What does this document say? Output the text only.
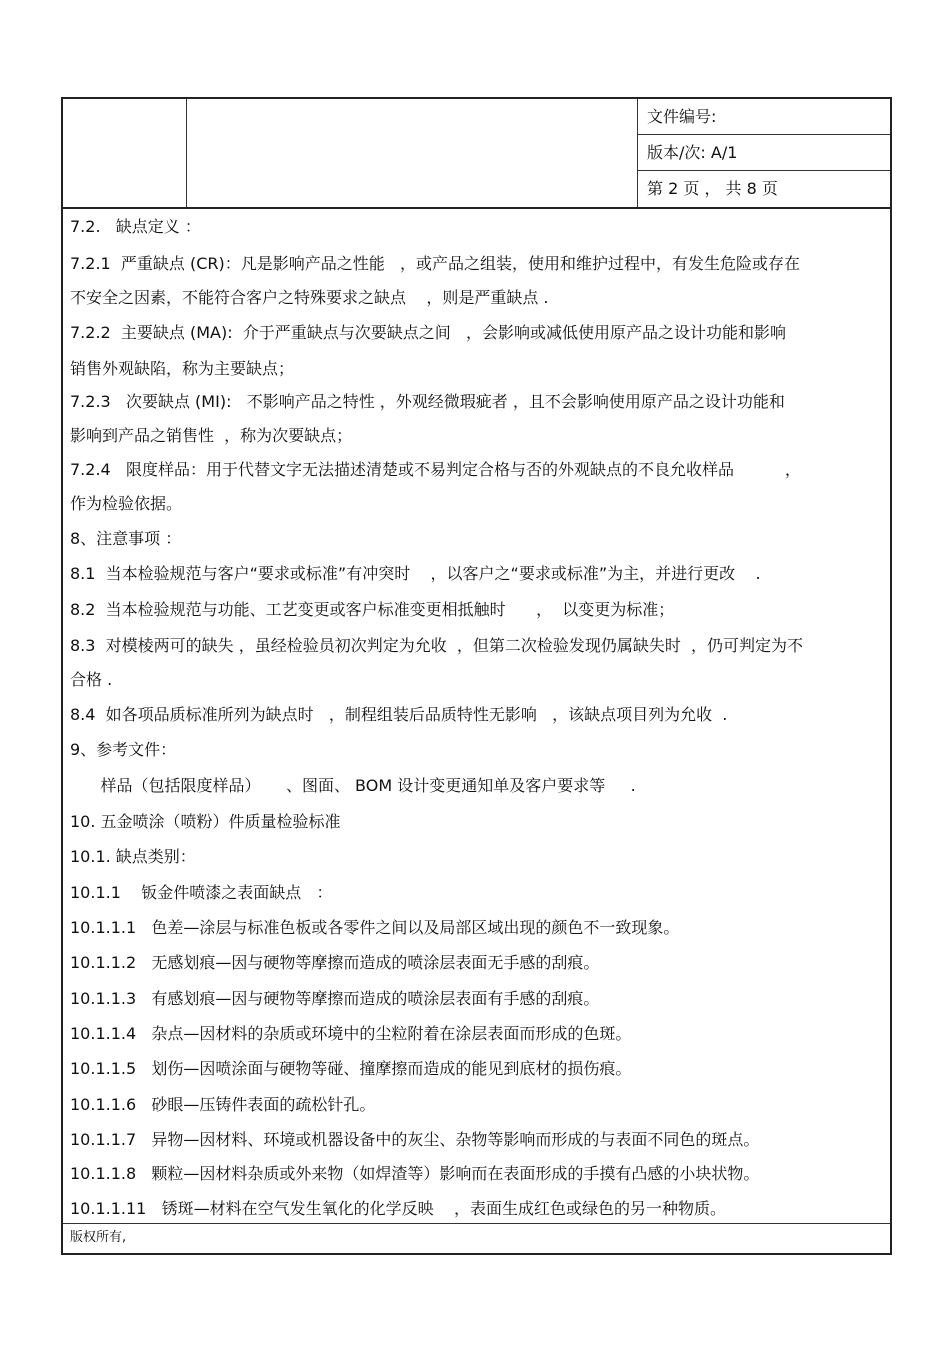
文件编号:
版本/次: A/1
第 2 页 ， 共 8 页
7.2.   缺点定义 ：
7.2.1  严重缺点 (CR)：凡是影响产品之性能   ，或产品之组装，使用和维护过程中，有发生危险或存在
不安全之因素，不能符合客户之特殊要求之缺点    ，则是严重缺点 .
7.2.2  主要缺点 (MA):  介于严重缺点与次要缺点之间   ，会影响或减低使用原产品之设计功能和影响
销售外观缺陷，称为主要缺点；
7.2.3   次要缺点 (MI):   不影响产品之特性 ，外观经微瑕疵者 ，且不会影响使用原产品之设计功能和
影响到产品之销售性  ，称为次要缺点；
7.2.4   限度样品：用于代替文字无法描述清楚或不易判定合格与否的外观缺点的不良允收样品          ，
作为检验依据。
8、注意事项 ：
8.1  当本检验规范与客户“要求或标准”有冲突时    ，以客户之“要求或标准”为主，并进行更改    .
8.2  当本检验规范与功能、工艺变更或客户标准变更相抵触时      ，  以变更为标准；
8.3  对模棱两可的缺失 ，虽经检验员初次判定为允收  ，但第二次检验发现仍属缺失时  ，仍可判定为不
合格 .
8.4  如各项品质标准所列为缺点时   ，制程组装后品质特性无影响   ，该缺点项目列为允收  .
9、参考文件：
样品（包括限度样品）     、图面、 BOM 设计变更通知单及客户要求等     .
10. 五金喷涂（喷粉）件质量检验标准
10.1. 缺点类别：
10.1.1    钣金件喷漆之表面缺点   ：
10.1.1.1   色差—涂层与标准色板或各零件之间以及局部区域出现的颜色不一致现象。
10.1.1.2   无感划痕—因与硬物等摩擦而造成的喷涂层表面无手感的刮痕。
10.1.1.3   有感划痕—因与硬物等摩擦而造成的喷涂层表面有手感的刮痕。
10.1.1.4   杂点—因材料的杂质或环境中的尘粒附着在涂层表面而形成的色斑。
10.1.1.5   划伤—因喷涂面与硬物等碰、撞摩擦而造成的能见到底材的损伤痕。
10.1.1.6   砂眼—压铸件表面的疏松针孔。
10.1.1.7   异物—因材料、环境或机器设备中的灰尘、杂物等影响而形成的与表面不同色的斑点。
10.1.1.8   颗粒—因材料杂质或外来物（如焊渣等）影响而在表面形成的手摸有凸感的小块状物。
10.1.1.11   锈斑—材料在空气发生氧化的化学反映    ，表面生成红色或绿色的另一种物质。
版权所有,
